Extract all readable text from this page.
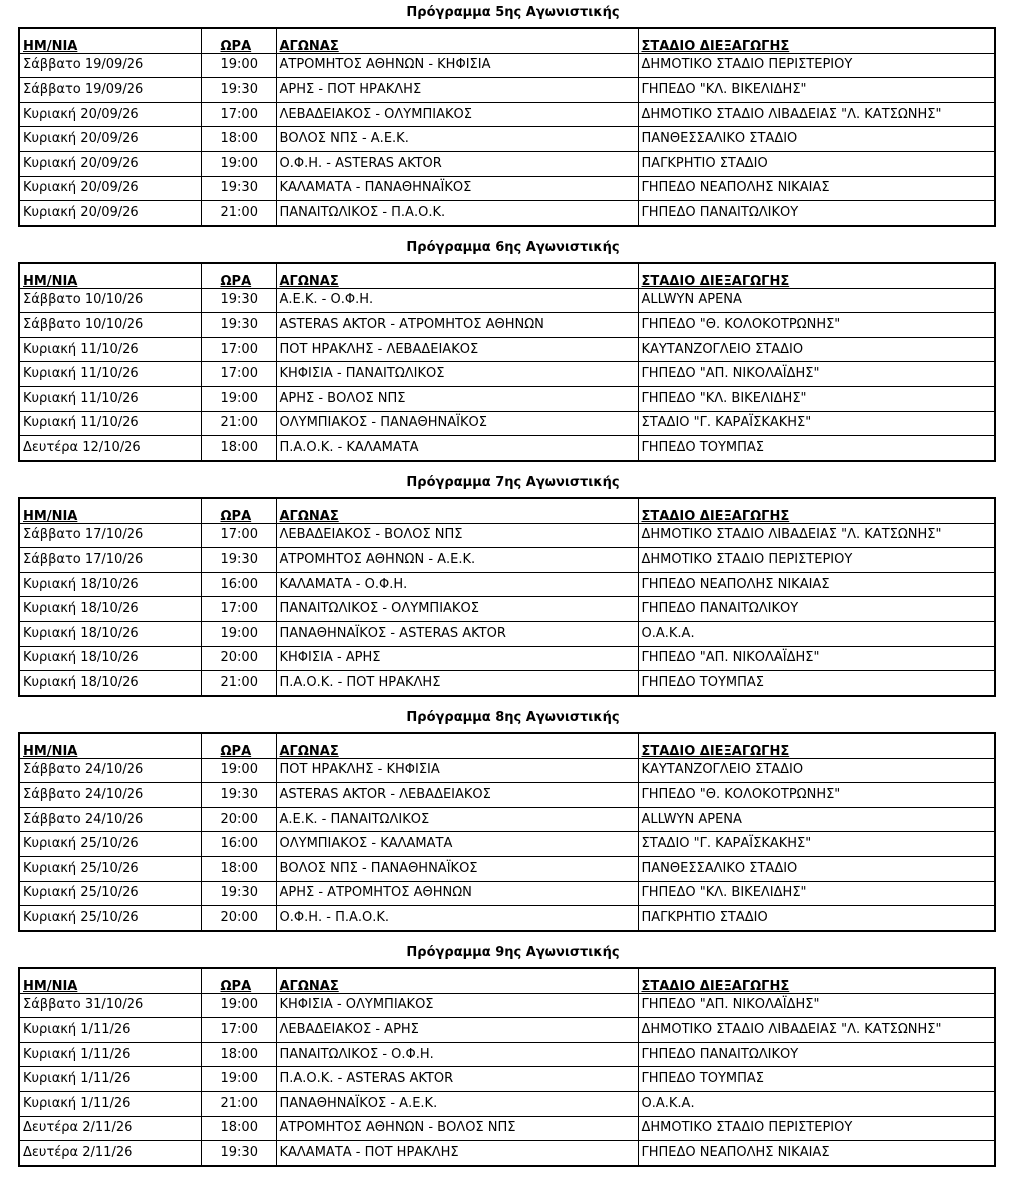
Πρόγραμμα 5ης Αγωνιστικής
ΗΜ/ΝΙΑ	ΩΡΑ	ΑΓΩΝΑΣ	ΣΤΑΔΙΟ ΔΙΕΞΑΓΩΓΗΣ
Σάββατο 19/09/26	19:00	ΑΤΡΟΜΗΤΟΣ ΑΘΗΝΩΝ - ΚΗΦΙΣΙΑ	ΔΗΜΟΤΙΚΟ ΣΤΑΔΙΟ ΠΕΡΙΣΤΕΡΙΟΥ
Σάββατο 19/09/26	19:30	ΑΡΗΣ - ΠΟΤ ΗΡΑΚΛΗΣ	ΓΗΠΕΔΟ "ΚΛ. ΒΙΚΕΛΙΔΗΣ"
Κυριακή 20/09/26	17:00	ΛΕΒΑΔΕΙΑΚΟΣ - ΟΛΥΜΠΙΑΚΟΣ	ΔΗΜΟΤΙΚΟ ΣΤΑΔΙΟ ΛΙΒΑΔΕΙΑΣ "Λ. ΚΑΤΣΩΝΗΣ"
Κυριακή 20/09/26	18:00	ΒΟΛΟΣ ΝΠΣ - Α.Ε.Κ.	ΠΑΝΘΕΣΣΑΛΙΚΟ ΣΤΑΔΙΟ
Κυριακή 20/09/26	19:00	Ο.Φ.Η. - ASTERAS AKTOR	ΠΑΓΚΡΗΤΙΟ ΣΤΑΔΙΟ
Κυριακή 20/09/26	19:30	ΚΑΛΑΜΑΤΑ - ΠΑΝΑΘΗΝΑΪΚΟΣ	ΓΗΠΕΔΟ ΝΕΑΠΟΛΗΣ ΝΙΚΑΙΑΣ
Κυριακή 20/09/26	21:00	ΠΑΝΑΙΤΩΛΙΚΟΣ - Π.Α.Ο.Κ.	ΓΗΠΕΔΟ ΠΑΝΑΙΤΩΛΙΚΟΥ
Πρόγραμμα 6ης Αγωνιστικής
ΗΜ/ΝΙΑ	ΩΡΑ	ΑΓΩΝΑΣ	ΣΤΑΔΙΟ ΔΙΕΞΑΓΩΓΗΣ
Σάββατο 10/10/26	19:30	Α.Ε.Κ. - Ο.Φ.Η.	ALLWYN ΑΡΕΝΑ
Σάββατο 10/10/26	19:30	ASTERAS AKTOR - ΑΤΡΟΜΗΤΟΣ ΑΘΗΝΩΝ	ΓΗΠΕΔΟ "Θ. ΚΟΛΟΚΟΤΡΩΝΗΣ"
Κυριακή 11/10/26	17:00	ΠΟΤ ΗΡΑΚΛΗΣ - ΛΕΒΑΔΕΙΑΚΟΣ	ΚΑΥΤΑΝΖΟΓΛΕΙΟ ΣΤΑΔΙΟ
Κυριακή 11/10/26	17:00	ΚΗΦΙΣΙΑ - ΠΑΝΑΙΤΩΛΙΚΟΣ	ΓΗΠΕΔΟ "ΑΠ. ΝΙΚΟΛΑΪΔΗΣ"
Κυριακή 11/10/26	19:00	ΑΡΗΣ - ΒΟΛΟΣ ΝΠΣ	ΓΗΠΕΔΟ "ΚΛ. ΒΙΚΕΛΙΔΗΣ"
Κυριακή 11/10/26	21:00	ΟΛΥΜΠΙΑΚΟΣ - ΠΑΝΑΘΗΝΑΪΚΟΣ	ΣΤΑΔΙΟ "Γ. ΚΑΡΑΪΣΚΑΚΗΣ"
Δευτέρα 12/10/26	18:00	Π.Α.Ο.Κ. - ΚΑΛΑΜΑΤΑ	ΓΗΠΕΔΟ ΤΟΥΜΠΑΣ
Πρόγραμμα 7ης Αγωνιστικής
ΗΜ/ΝΙΑ	ΩΡΑ	ΑΓΩΝΑΣ	ΣΤΑΔΙΟ ΔΙΕΞΑΓΩΓΗΣ
Σάββατο 17/10/26	17:00	ΛΕΒΑΔΕΙΑΚΟΣ - ΒΟΛΟΣ ΝΠΣ	ΔΗΜΟΤΙΚΟ ΣΤΑΔΙΟ ΛΙΒΑΔΕΙΑΣ "Λ. ΚΑΤΣΩΝΗΣ"
Σάββατο 17/10/26	19:30	ΑΤΡΟΜΗΤΟΣ ΑΘΗΝΩΝ - Α.Ε.Κ.	ΔΗΜΟΤΙΚΟ ΣΤΑΔΙΟ ΠΕΡΙΣΤΕΡΙΟΥ
Κυριακή 18/10/26	16:00	ΚΑΛΑΜΑΤΑ - Ο.Φ.Η.	ΓΗΠΕΔΟ ΝΕΑΠΟΛΗΣ ΝΙΚΑΙΑΣ
Κυριακή 18/10/26	17:00	ΠΑΝΑΙΤΩΛΙΚΟΣ - ΟΛΥΜΠΙΑΚΟΣ	ΓΗΠΕΔΟ ΠΑΝΑΙΤΩΛΙΚΟΥ
Κυριακή 18/10/26	19:00	ΠΑΝΑΘΗΝΑΪΚΟΣ - ASTERAS AKTOR	Ο.Α.Κ.Α.
Κυριακή 18/10/26	20:00	ΚΗΦΙΣΙΑ - ΑΡΗΣ	ΓΗΠΕΔΟ "ΑΠ. ΝΙΚΟΛΑΪΔΗΣ"
Κυριακή 18/10/26	21:00	Π.Α.Ο.Κ. - ΠΟΤ ΗΡΑΚΛΗΣ	ΓΗΠΕΔΟ ΤΟΥΜΠΑΣ
Πρόγραμμα 8ης Αγωνιστικής
ΗΜ/ΝΙΑ	ΩΡΑ	ΑΓΩΝΑΣ	ΣΤΑΔΙΟ ΔΙΕΞΑΓΩΓΗΣ
Σάββατο 24/10/26	19:00	ΠΟΤ ΗΡΑΚΛΗΣ - ΚΗΦΙΣΙΑ	ΚΑΥΤΑΝΖΟΓΛΕΙΟ ΣΤΑΔΙΟ
Σάββατο 24/10/26	19:30	ASTERAS AKTOR - ΛΕΒΑΔΕΙΑΚΟΣ	ΓΗΠΕΔΟ "Θ. ΚΟΛΟΚΟΤΡΩΝΗΣ"
Σάββατο 24/10/26	20:00	Α.Ε.Κ. - ΠΑΝΑΙΤΩΛΙΚΟΣ	ALLWYN ΑΡΕΝΑ
Κυριακή 25/10/26	16:00	ΟΛΥΜΠΙΑΚΟΣ - ΚΑΛΑΜΑΤΑ	ΣΤΑΔΙΟ "Γ. ΚΑΡΑΪΣΚΑΚΗΣ"
Κυριακή 25/10/26	18:00	ΒΟΛΟΣ ΝΠΣ - ΠΑΝΑΘΗΝΑΪΚΟΣ	ΠΑΝΘΕΣΣΑΛΙΚΟ ΣΤΑΔΙΟ
Κυριακή 25/10/26	19:30	ΑΡΗΣ - ΑΤΡΟΜΗΤΟΣ ΑΘΗΝΩΝ	ΓΗΠΕΔΟ "ΚΛ. ΒΙΚΕΛΙΔΗΣ"
Κυριακή 25/10/26	20:00	Ο.Φ.Η. - Π.Α.Ο.Κ.	ΠΑΓΚΡΗΤΙΟ ΣΤΑΔΙΟ
Πρόγραμμα 9ης Αγωνιστικής
ΗΜ/ΝΙΑ	ΩΡΑ	ΑΓΩΝΑΣ	ΣΤΑΔΙΟ ΔΙΕΞΑΓΩΓΗΣ
Σάββατο 31/10/26	19:00	ΚΗΦΙΣΙΑ - ΟΛΥΜΠΙΑΚΟΣ	ΓΗΠΕΔΟ "ΑΠ. ΝΙΚΟΛΑΪΔΗΣ"
Κυριακή 1/11/26	17:00	ΛΕΒΑΔΕΙΑΚΟΣ - ΑΡΗΣ	ΔΗΜΟΤΙΚΟ ΣΤΑΔΙΟ ΛΙΒΑΔΕΙΑΣ "Λ. ΚΑΤΣΩΝΗΣ"
Κυριακή 1/11/26	18:00	ΠΑΝΑΙΤΩΛΙΚΟΣ - Ο.Φ.Η.	ΓΗΠΕΔΟ ΠΑΝΑΙΤΩΛΙΚΟΥ
Κυριακή 1/11/26	19:00	Π.Α.Ο.Κ. - ASTERAS AKTOR	ΓΗΠΕΔΟ ΤΟΥΜΠΑΣ
Κυριακή 1/11/26	21:00	ΠΑΝΑΘΗΝΑΪΚΟΣ - Α.Ε.Κ.	Ο.Α.Κ.Α.
Δευτέρα 2/11/26	18:00	ΑΤΡΟΜΗΤΟΣ ΑΘΗΝΩΝ - ΒΟΛΟΣ ΝΠΣ	ΔΗΜΟΤΙΚΟ ΣΤΑΔΙΟ ΠΕΡΙΣΤΕΡΙΟΥ
Δευτέρα 2/11/26	19:30	ΚΑΛΑΜΑΤΑ - ΠΟΤ ΗΡΑΚΛΗΣ	ΓΗΠΕΔΟ ΝΕΑΠΟΛΗΣ ΝΙΚΑΙΑΣ
